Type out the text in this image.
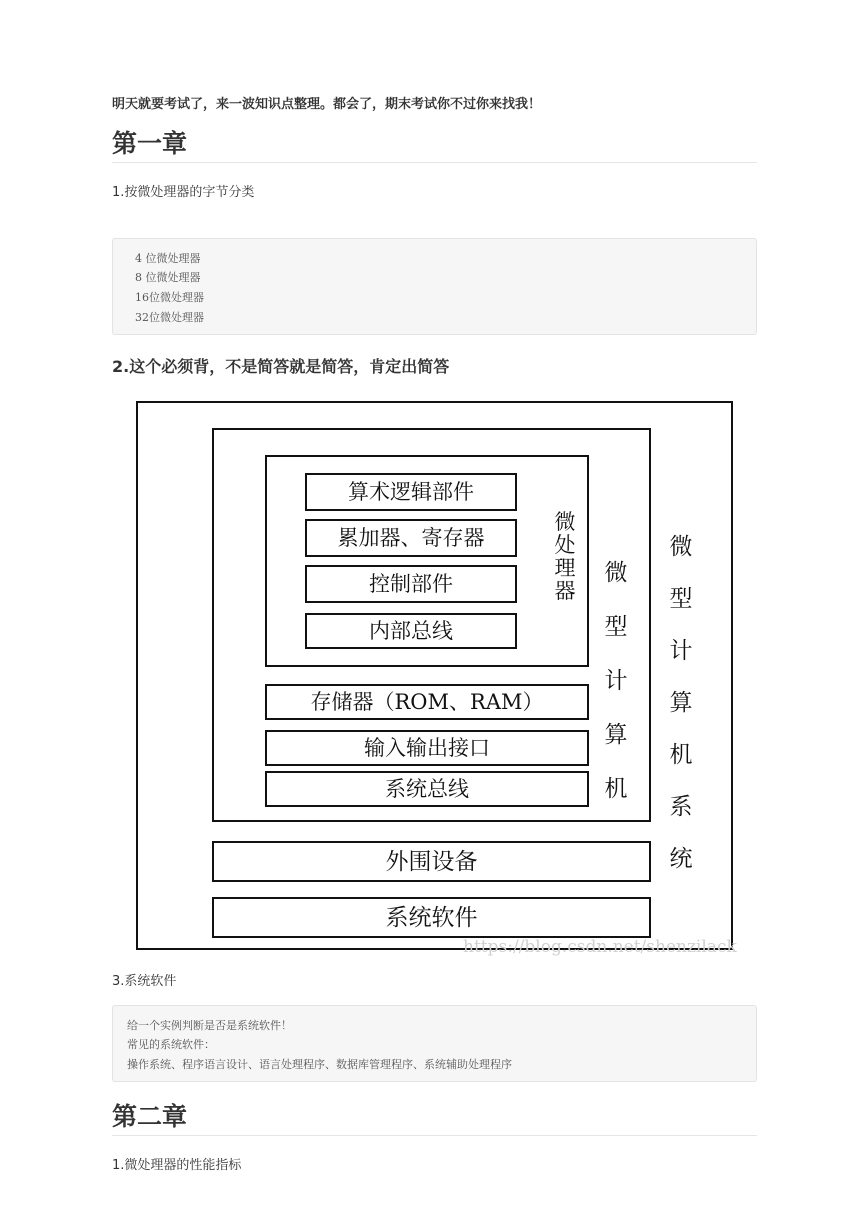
明天就要考试了，来一波知识点整理。都会了，期末考试你不过你来找我！
第一章
1.按微处理器的字节分类
4 位微处理器
8 位微处理器
16位微处理器
32位微处理器
2.这个必须背，不是简答就是简答，肯定出简答
3.系统软件
给一个实例判断是否是系统软件！
常见的系统软件：
操作系统、程序语言设计、语言处理程序、数据库管理程序、系统辅助处理程序
第二章
1.微处理器的性能指标
算术逻辑部件
累加器、寄存器
控制部件
内部总线
微
处
理
器
存储器（ROM、RAM）
输入输出接口
系统总线
微
型
计
算
机
外围设备
系统软件
微
型
计
算
机
系
统
https://blog.csdn.net/shenzilack
